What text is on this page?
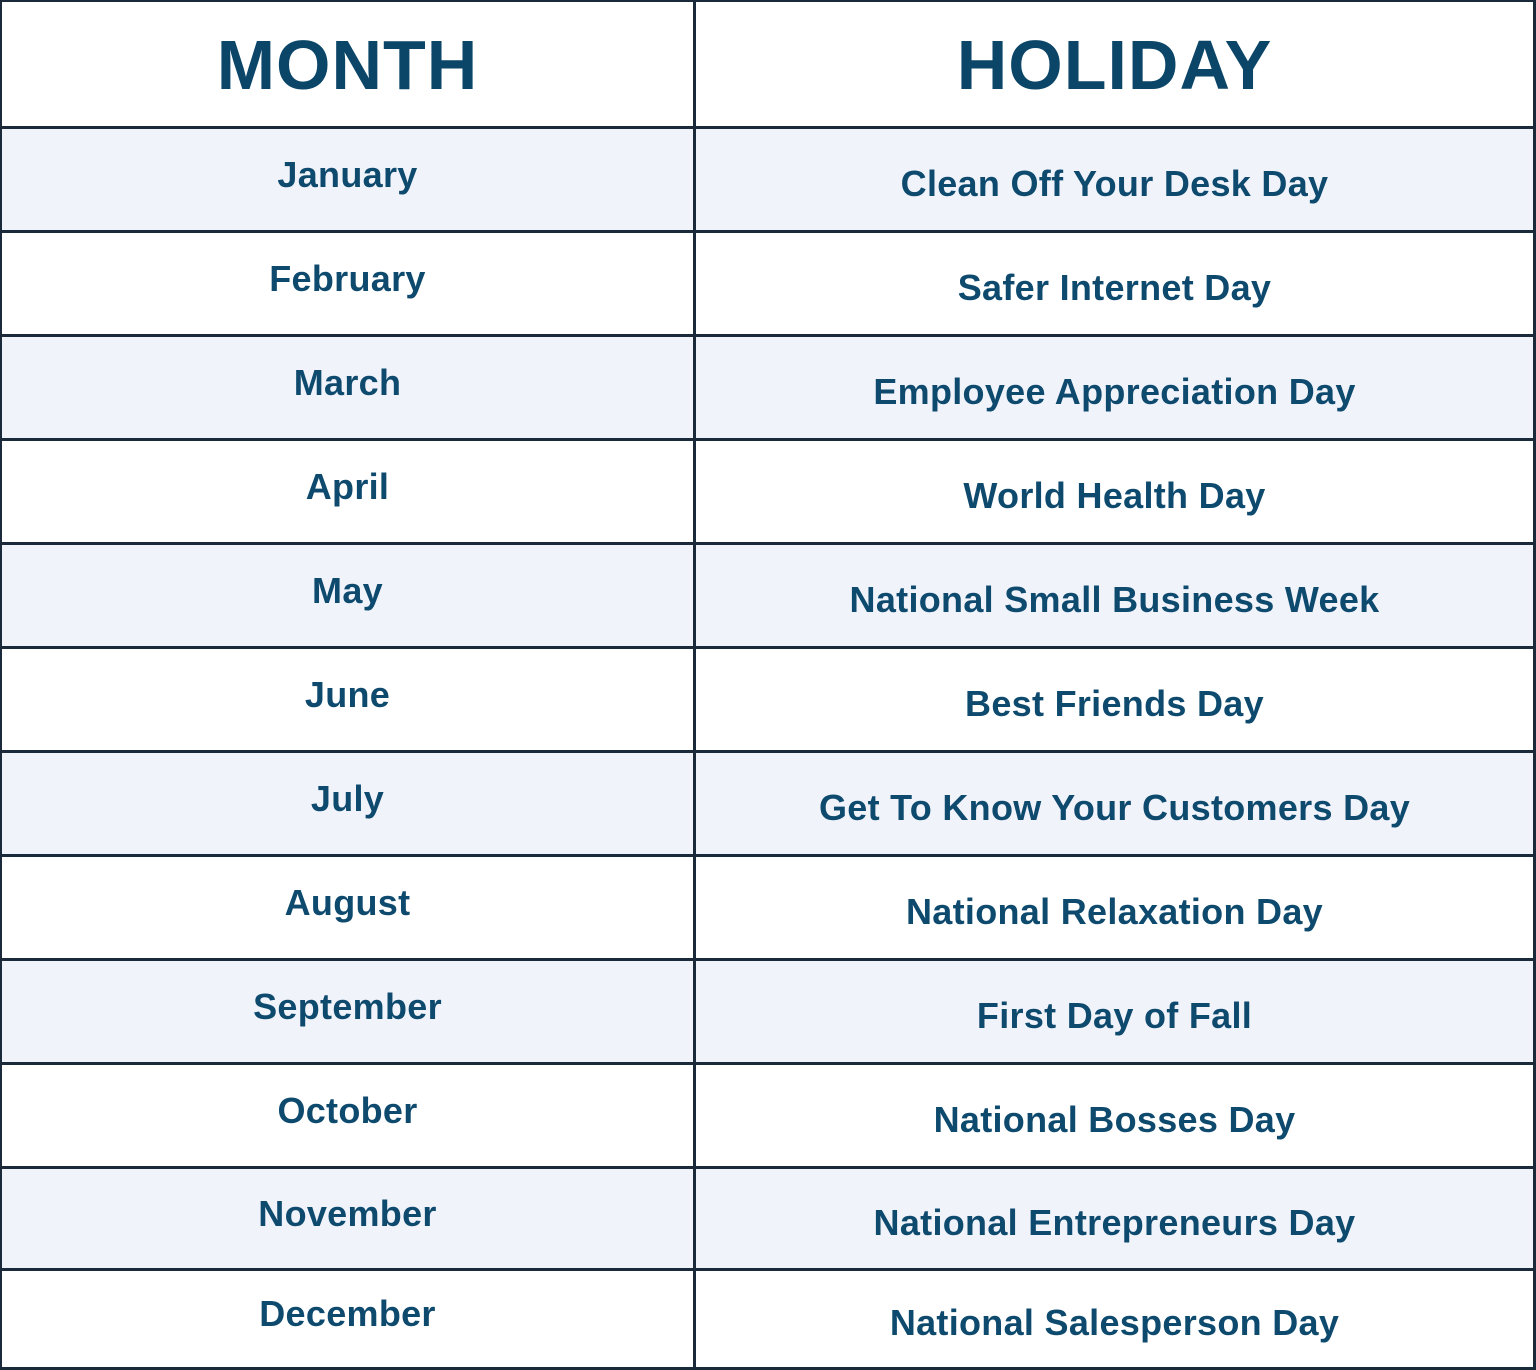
MONTH	HOLIDAY
January	Clean Off Your Desk Day
February	Safer Internet Day
March	Employee Appreciation Day
April	World Health Day
May	National Small Business Week
June	Best Friends Day
July	Get To Know Your Customers Day
August	National Relaxation Day
September	First Day of Fall
October	National Bosses Day
November	National Entrepreneurs Day
December	National Salesperson Day
